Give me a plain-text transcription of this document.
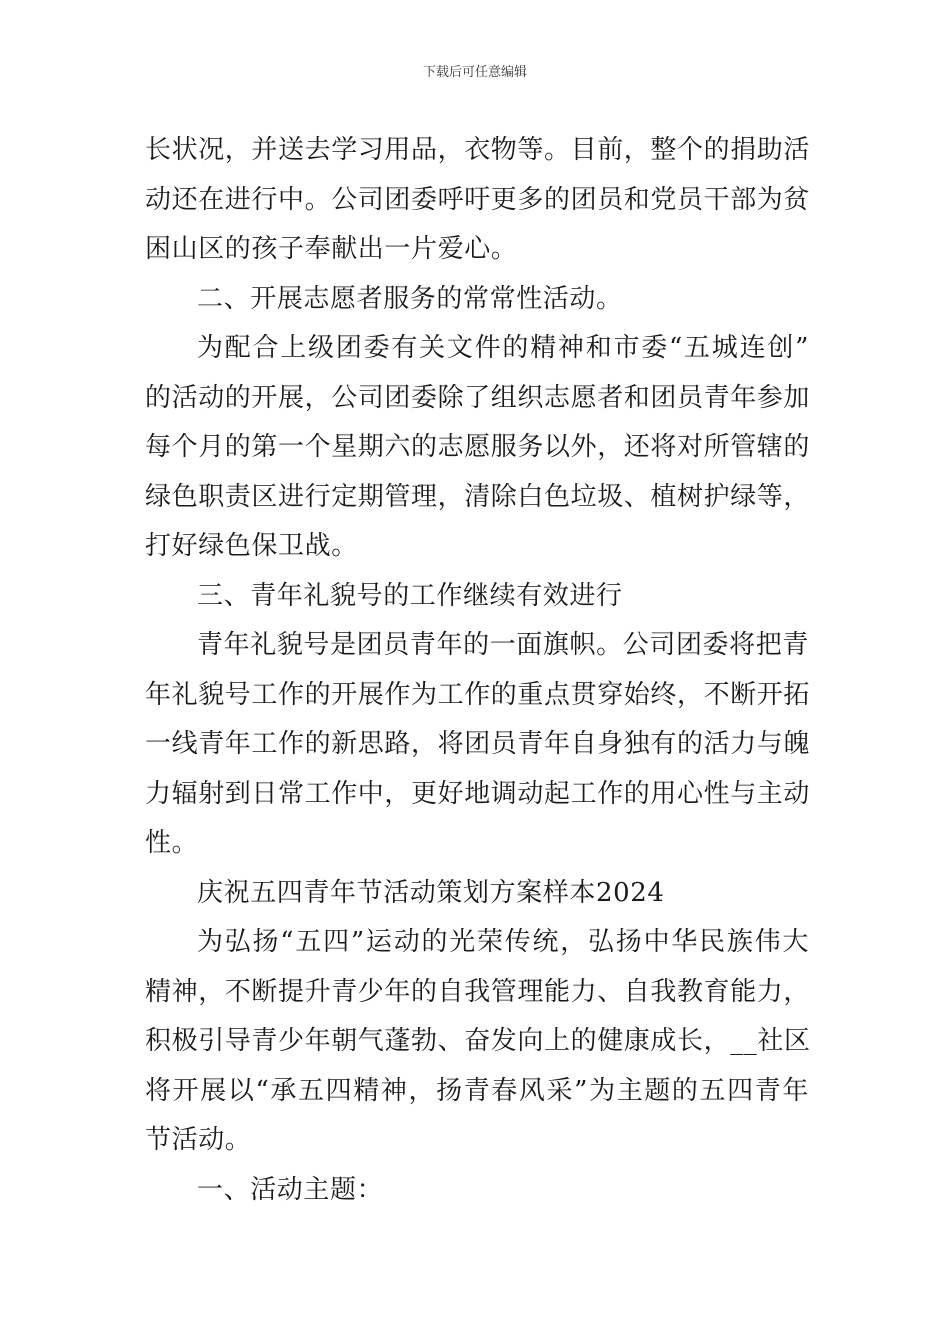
下载后可任意编辑
长状况，并送去学习用品，衣物等。目前，整个的捐助活
动还在进行中。公司团委呼吁更多的团员和党员干部为贫
困山区的孩子奉献出一片爱心。
二、开展志愿者服务的常常性活动。
为配合上级团委有关文件的精神和市委“五城连创”
的活动的开展，公司团委除了组织志愿者和团员青年参加
每个月的第一个星期六的志愿服务以外，还将对所管辖的
绿色职责区进行定期管理，清除白色垃圾、植树护绿等，
打好绿色保卫战。
三、青年礼貌号的工作继续有效进行
青年礼貌号是团员青年的一面旗帜。公司团委将把青
年礼貌号工作的开展作为工作的重点贯穿始终，不断开拓
一线青年工作的新思路，将团员青年自身独有的活力与魄
力辐射到日常工作中，更好地调动起工作的用心性与主动
性。
庆祝五四青年节活动策划方案样本2024
为弘扬“五四”运动的光荣传统，弘扬中华民族伟大
精神，不断提升青少年的自我管理能力、自我教育能力，
积极引导青少年朝气蓬勃、奋发向上的健康成长，__社区
将开展以“承五四精神，扬青春风采”为主题的五四青年
节活动。
一、活动主题：
